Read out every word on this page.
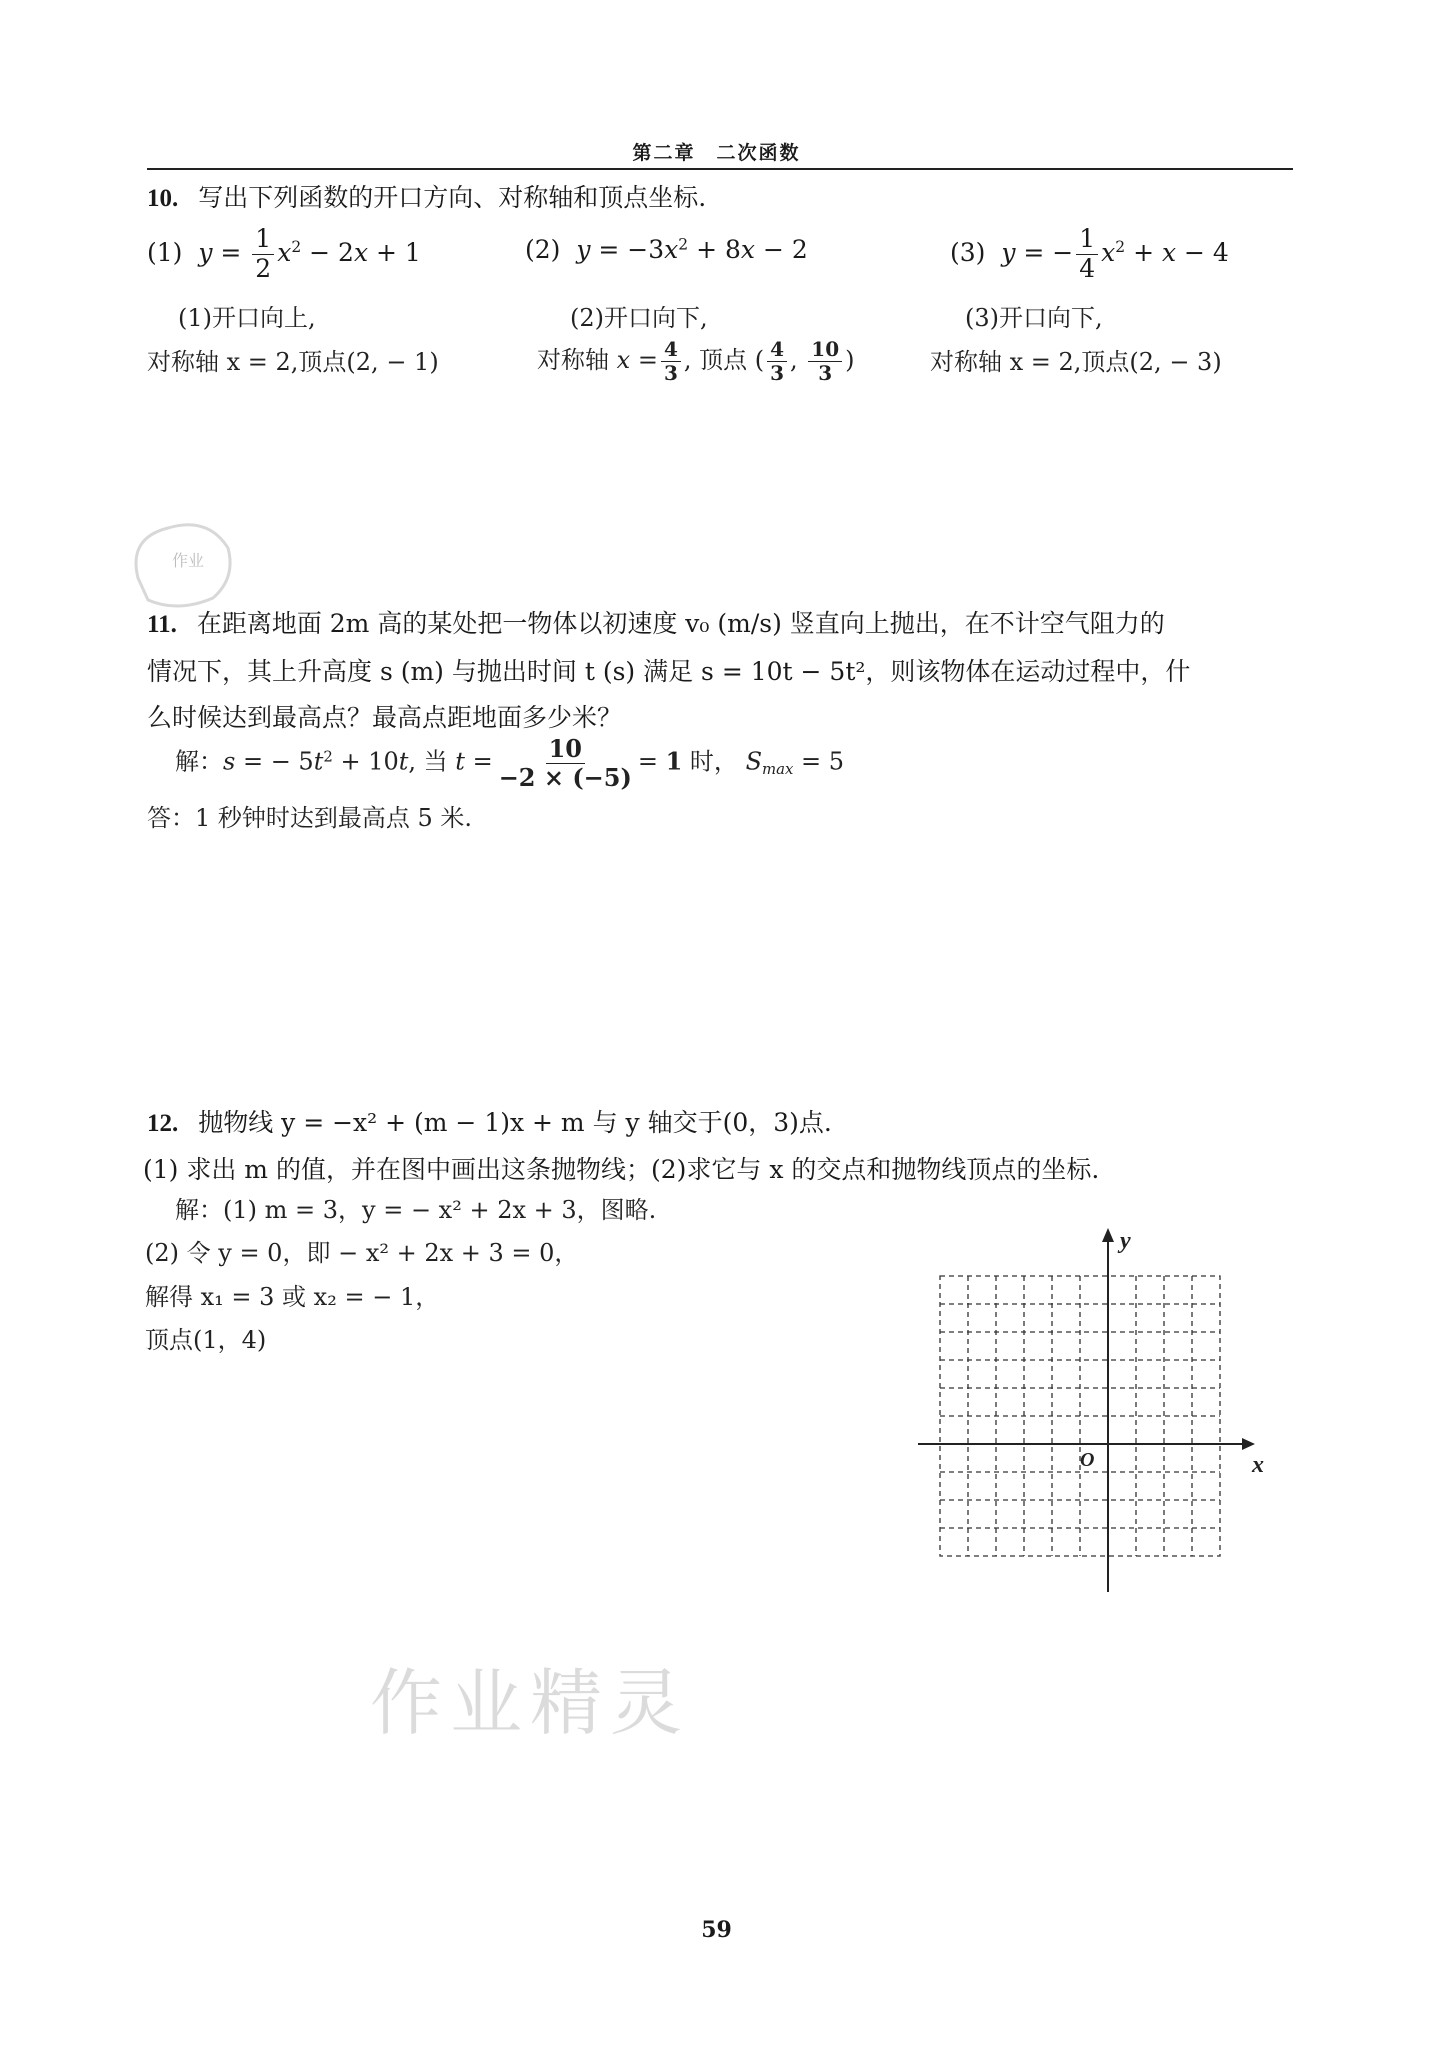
第二章　二次函数
10. 写出下列函数的开口方向、对称轴和顶点坐标.
(1)  $y = \frac{1}{2} x^2 - 2x + 1$	(2)  $y = -3x^2 + 8x - 2$	(3)  y = − $\frac{1}{4} x^2 + x - 4$
(1)开口向上,
对称轴 x = 2,顶点(2, − 1)
(2)开口向下,
对称轴 $x = \frac{4}{3}$ , 顶点 ( $\frac{4}{3}$ , $\frac{10}{3}$ )
(3)开口向下,
对称轴 x = 2,顶点(2, − 3)
作业
11. 在距离地面 2m 高的某处把一物体以初速度 v₀ (m/s) 竖直向上抛出，在不计空气阻力的
情况下，其上升高度 s (m) 与抛出时间 t (s) 满足 s = 10t − 5t²，则该物体在运动过程中，什
么时候达到最高点？最高点距地面多少米？
解：s = − $5t^2 + 10t$, 当 $t = \frac{10}{-2 \times (-5)} = 1$ 时， $S_{max} = 5$
答：1 秒钟时达到最高点 5 米.
12. 抛物线 y = −x² + (m − 1)x + m 与 y 轴交于(0，3)点.
(1) 求出 m 的值，并在图中画出这条抛物线；(2)求它与 x 的交点和抛物线顶点的坐标.
解：(1) m = 3，y = − x² + 2x + 3，图略.
(2) 令 y = 0，即 − x² + 2x + 3 = 0，
解得 x₁ = 3 或 x₂ = − 1，
顶点(1，4)
x
y
O
作业精灵
59
